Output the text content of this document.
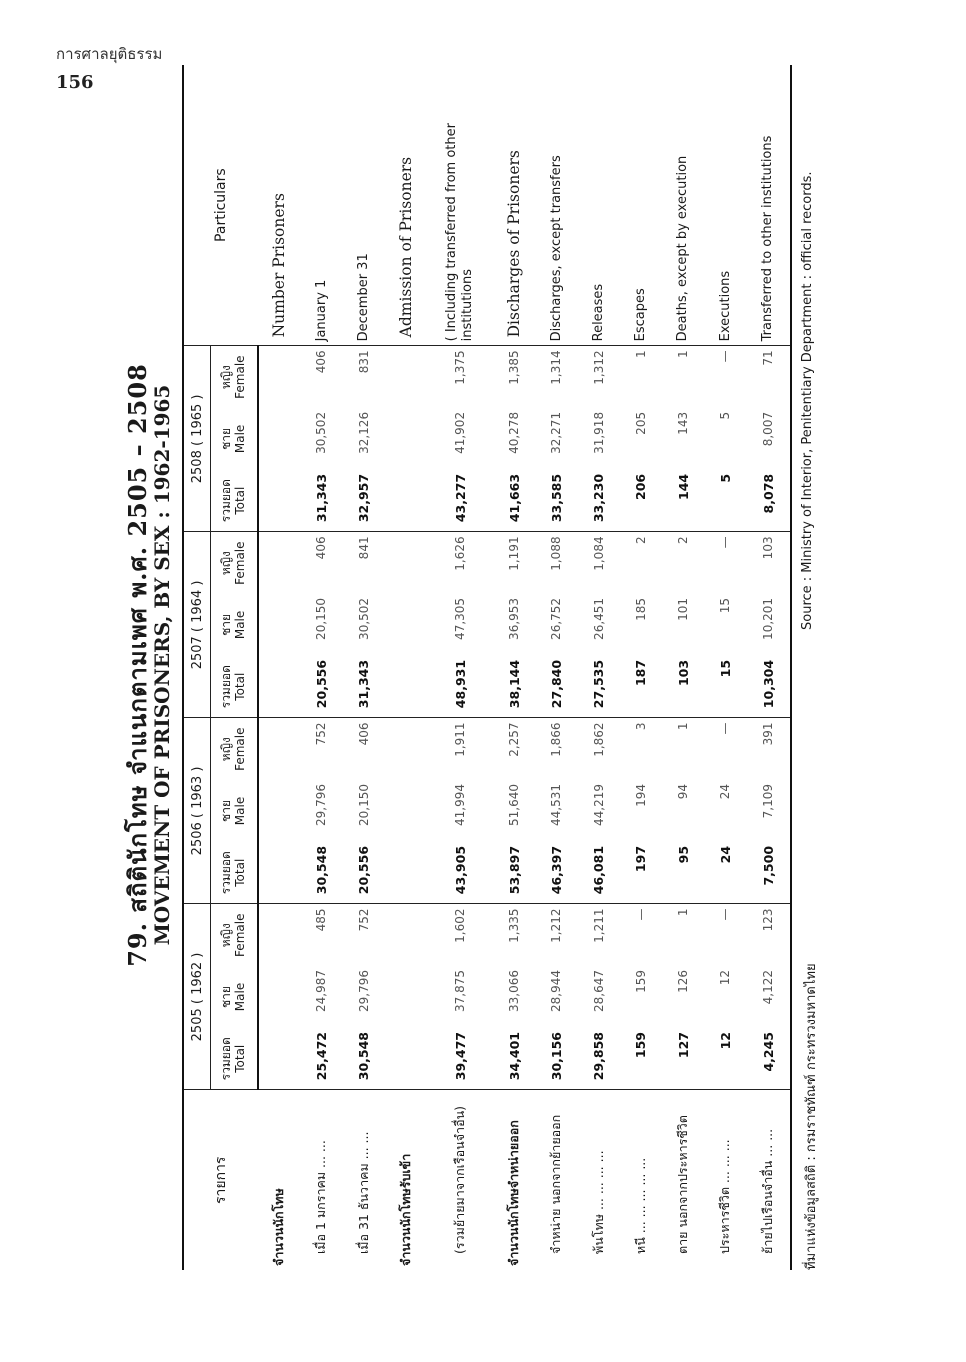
การศาลยุติธรรม
156
79. สถิตินักโทษ จำแนกตามเพศ พ.ศ. 2505 – 2508
MOVEMENT OF PRISONERS, BY SEX : 1962-1965
รายการ	2505 ( 1962 )			2506 ( 1963 )			2507 ( 1964 )			2508 ( 1965 )			Particulars

	รวมยอด Total	ชาย Male	หญิง Female	รวมยอด Total	ชาย Male	หญิง Female	รวมยอด Total	ชาย Male	หญิง Female	รวมยอด Total	ชาย Male	หญิง Female	
จำนวนนักโทษ													Number Prisoners
เมื่อ 1 มกราคม ... ...	25,472	24,987	485	30,548	29,796	752	20,556	20,150	406	31,343	30,502	406	January 1
เมื่อ 31 ธันวาคม ... ...	30,548	29,796	752	20,556	20,150	406	31,343	30,502	841	32,957	32,126	831	December 31
จำนวนนักโทษรับเข้า													Admission of Prisoners
(รวมย้ายมาจากเรือนจำอื่น)	39,477	37,875	1,602	43,905	41,994	1,911	48,931	47,305	1,626	43,277	41,902	1,375	( Including transferred from other institutions
จำนวนนักโทษจำหน่ายออก	34,401	33,066	1,335	53,897	51,640	2,257	38,144	36,953	1,191	41,663	40,278	1,385	Discharges of Prisoners
จำหน่าย นอกจากย้ายออก	30,156	28,944	1,212	46,397	44,531	1,866	27,840	26,752	1,088	33,585	32,271	1,314	Discharges, except transfers
พ้นโทษ ... ... ... ...	29,858	28,647	1,211	46,081	44,219	1,862	27,535	26,451	1,084	33,230	31,918	1,312	Releases
หนี ... ... ... ... ...	159	159	—	197	194	3	187	185	2	206	205	1	Escapes
ตาย นอกจากประหารชีวิต	127	126	1	95	94	1	103	101	2	144	143	1	Deaths, except by execution
ประหารชีวิต ... ... ...	12	12	—	24	24	—	15	15	—	5	5	—	Executions
ย้ายไปเรือนจำอื่น ... ...	4,245	4,122	123	7,500	7,109	391	10,304	10,201	103	8,078	8,007	71	Transferred to other institutions
ที่มาแห่งข้อมูลสถิติ : กรมราชทัณฑ์ กระทรวงมหาดไทย
Source : Ministry of Interior, Penitentiary Department : official records.
